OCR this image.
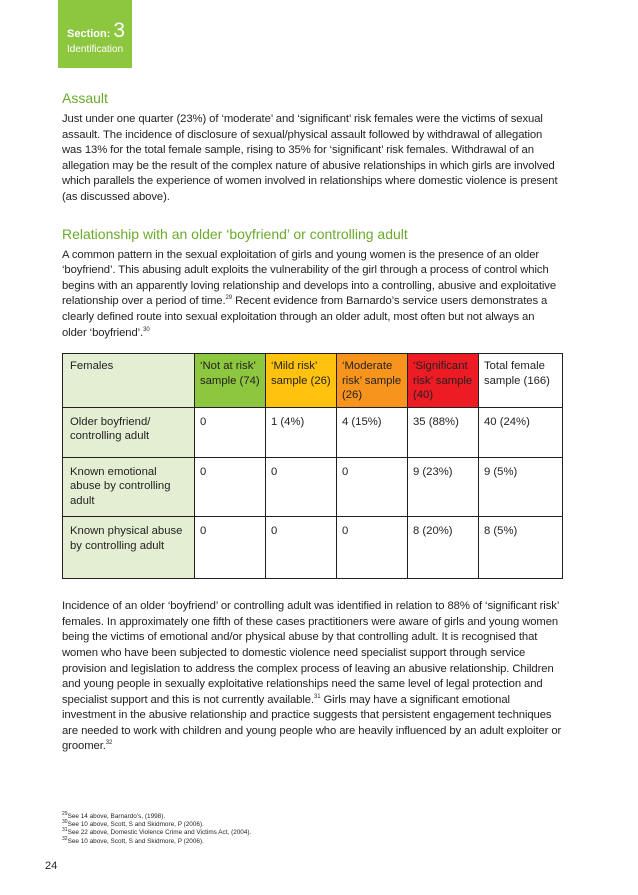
Section: 3
Identification
Assault

Just under one quarter (23%) of ‘moderate’ and ‘significant’ risk females were the victims of sexual assault. The incidence of disclosure of sexual/physical assault followed by withdrawal of allegation was 13% for the total female sample, rising to 35% for ‘significant’ risk females. Withdrawal of an allegation may be the result of the complex nature of abusive relationships in which girls are involved which parallels the experience of women involved in relationships where domestic violence is present (as discussed above).

Relationship with an older ‘boyfriend’ or controlling adult

A common pattern in the sexual exploitation of girls and young women is the presence of an older ‘boyfriend’. This abusing adult exploits the vulnerability of the girl through a process of control which begins with an apparently loving relationship and develops into a controlling, abusive and exploitative relationship over a period of time.$^{29}$ Recent evidence from Barnardo’s service users demonstrates a clearly defined route into sexual exploitation through an older adult, most often but not always an older ‘boyfriend’.$^{30}$

Females	‘Not at risk’ sample (74)	‘Mild risk’ sample (26)	‘Moderate risk’ sample (26)	‘Significant risk’ sample (40)	Total female sample (166)
Older boyfriend/ controlling adult	0	1 (4%)	4 (15%)	35 (88%)	40 (24%)
Known emotional abuse by controlling adult	0	0	0	9 (23%)	9 (5%)
Known physical abuse by controlling adult	0	0	0	8 (20%)	8 (5%)

Incidence of an older ‘boyfriend’ or controlling adult was identified in relation to 88% of ‘significant risk’ females. In approximately one fifth of these cases practitioners were aware of girls and young women being the victims of emotional and/or physical abuse by that controlling adult. It is recognised that women who have been subjected to domestic violence need specialist support through service provision and legislation to address the complex process of leaving an abusive relationship. Children and young people in sexually exploitative relationships need the same level of legal protection and specialist support and this is not currently available.$^{31}$ Girls may have a significant emotional investment in the abusive relationship and practice suggests that persistent engagement techniques are needed to work with children and young people who are heavily influenced by an adult exploiter or groomer.$^{32}$

$^{29}$See 14 above, Barnardo’s, (1998).
$^{30}$See 10 above, Scott, S and Skidmore, P (2006).
$^{31}$See 22 above, Domestic Violence Crime and Victims Act, (2004).
$^{32}$See 10 above, Scott, S and Skidmore, P (2006).
24
